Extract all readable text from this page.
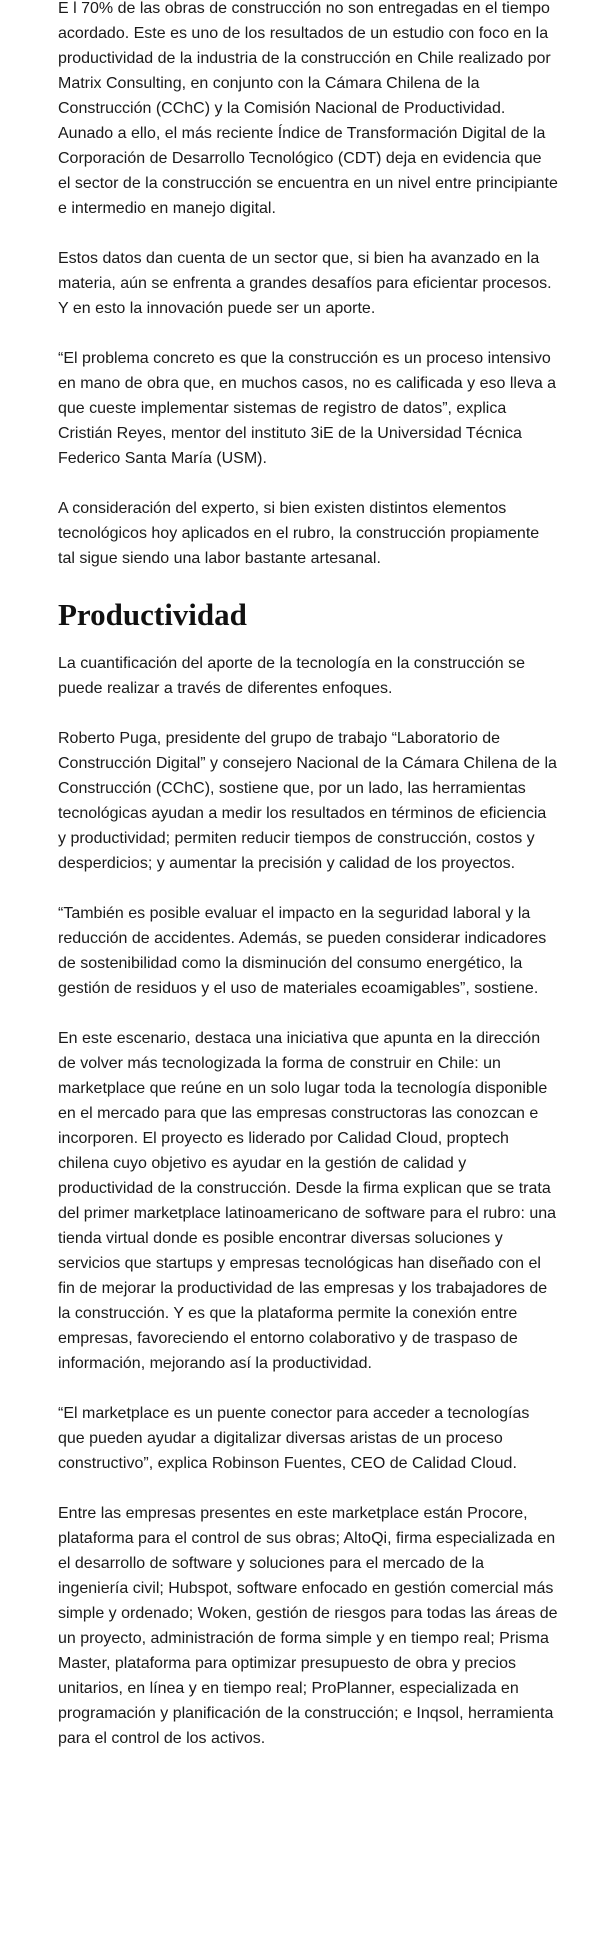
E l 70% de las obras de construcción no son entregadas en el tiempo acordado. Este es uno de los resultados de un estudio con foco en la productividad de la industria de la construcción en Chile realizado por Matrix Consulting, en conjunto con la Cámara Chilena de la Construcción (CChC) y la Comisión Nacional de Productividad. Aunado a ello, el más reciente Índice de Transformación Digital de la Corporación de Desarrollo Tecnológico (CDT) deja en evidencia que el sector de la construcción se encuentra en un nivel entre principiante e intermedio en manejo digital.

Estos datos dan cuenta de un sector que, si bien ha avanzado en la materia, aún se enfrenta a grandes desafíos para eficientar procesos. Y en esto la innovación puede ser un aporte.

“El problema concreto es que la construcción es un proceso intensivo en mano de obra que, en muchos casos, no es calificada y eso lleva a que cueste implementar sistemas de registro de datos”, explica Cristián Reyes, mentor del instituto 3iE de la Universidad Técnica Federico Santa María (USM).

A consideración del experto, si bien existen distintos elementos tecnológicos hoy aplicados en el rubro, la construcción propiamente tal sigue siendo una labor bastante artesanal.

Productividad

La cuantificación del aporte de la tecnología en la construcción se puede realizar a través de diferentes enfoques.

Roberto Puga, presidente del grupo de trabajo “Laboratorio de Construcción Digital” y consejero Nacional de la Cámara Chilena de la Construcción (CChC), sostiene que, por un lado, las herramientas tecnológicas ayudan a medir los resultados en términos de eficiencia y productividad; permiten reducir tiempos de construcción, costos y desperdicios; y aumentar la precisión y calidad de los proyectos.

“También es posible evaluar el impacto en la seguridad laboral y la reducción de accidentes. Además, se pueden considerar indicadores de sostenibilidad como la disminución del consumo energético, la gestión de residuos y el uso de materiales ecoamigables”, sostiene.

En este escenario, destaca una iniciativa que apunta en la dirección de volver más tecnologizada la forma de construir en Chile: un marketplace que reúne en un solo lugar toda la tecnología disponible en el mercado para que las empresas constructoras las conozcan e incorporen. El proyecto es liderado por Calidad Cloud, proptech chilena cuyo objetivo es ayudar en la gestión de calidad y productividad de la construcción. Desde la firma explican que se trata del primer marketplace latinoamericano de software para el rubro: una tienda virtual donde es posible encontrar diversas soluciones y servicios que startups y empresas tecnológicas han diseñado con el fin de mejorar la productividad de las empresas y los trabajadores de la construcción. Y es que la plataforma permite la conexión entre empresas, favoreciendo el entorno colaborativo y de traspaso de información, mejorando así la productividad.

“El marketplace es un puente conector para acceder a tecnologías que pueden ayudar a digitalizar diversas aristas de un proceso constructivo”, explica Robinson Fuentes, CEO de Calidad Cloud.

Entre las empresas presentes en este marketplace están Procore, plataforma para el control de sus obras; AltoQi, firma especializada en el desarrollo de software y soluciones para el mercado de la ingeniería civil; Hubspot, software enfocado en gestión comercial más simple y ordenado; Woken, gestión de riesgos para todas las áreas de un proyecto, administración de forma simple y en tiempo real; Prisma Master, plataforma para optimizar presupuesto de obra y precios unitarios, en línea y en tiempo real; ProPlanner, especializada en programación y planificación de la construcción; e Inqsol, herramienta para el control de los activos.
